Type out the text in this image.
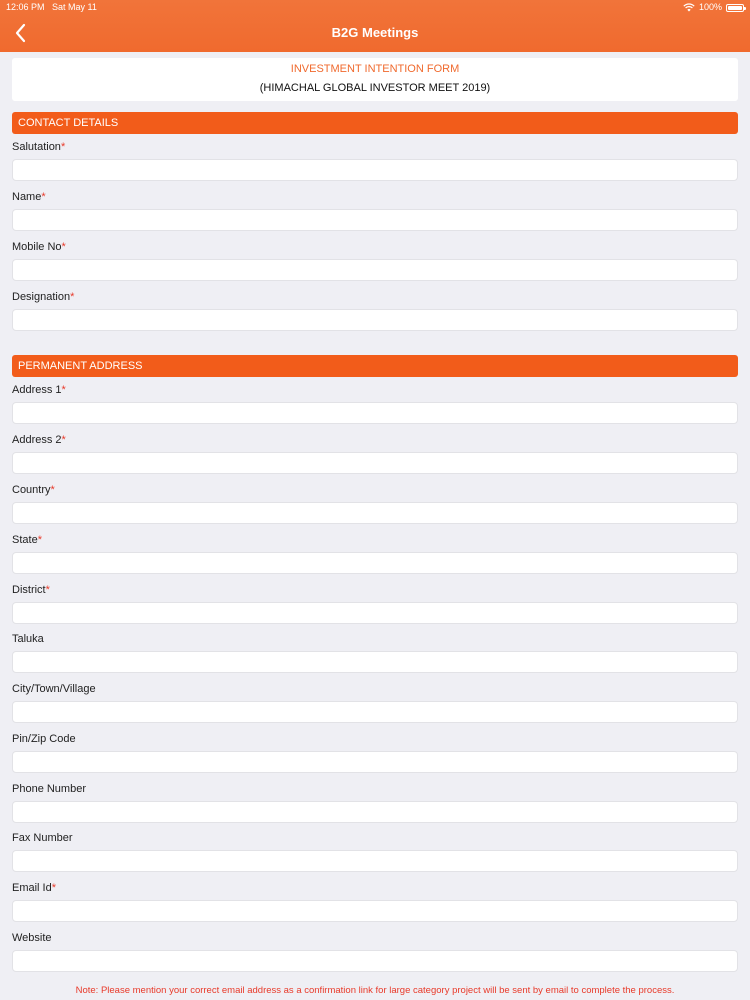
12:06 PM Sat May 11	100%
B2G Meetings
INVESTMENT INTENTION FORM
(HIMACHAL GLOBAL INVESTOR MEET 2019)
CONTACT DETAILS
Salutation*
Name*
Mobile No*
Designation*
PERMANENT ADDRESS
Address 1*
Address 2*
Country*
State*
District*
Taluka
City/Town/Village
Pin/Zip Code
Phone Number
Fax Number
Email Id*
Website
Note: Please mention your correct email address as a confirmation link for large category project will be sent by email to complete the process.
